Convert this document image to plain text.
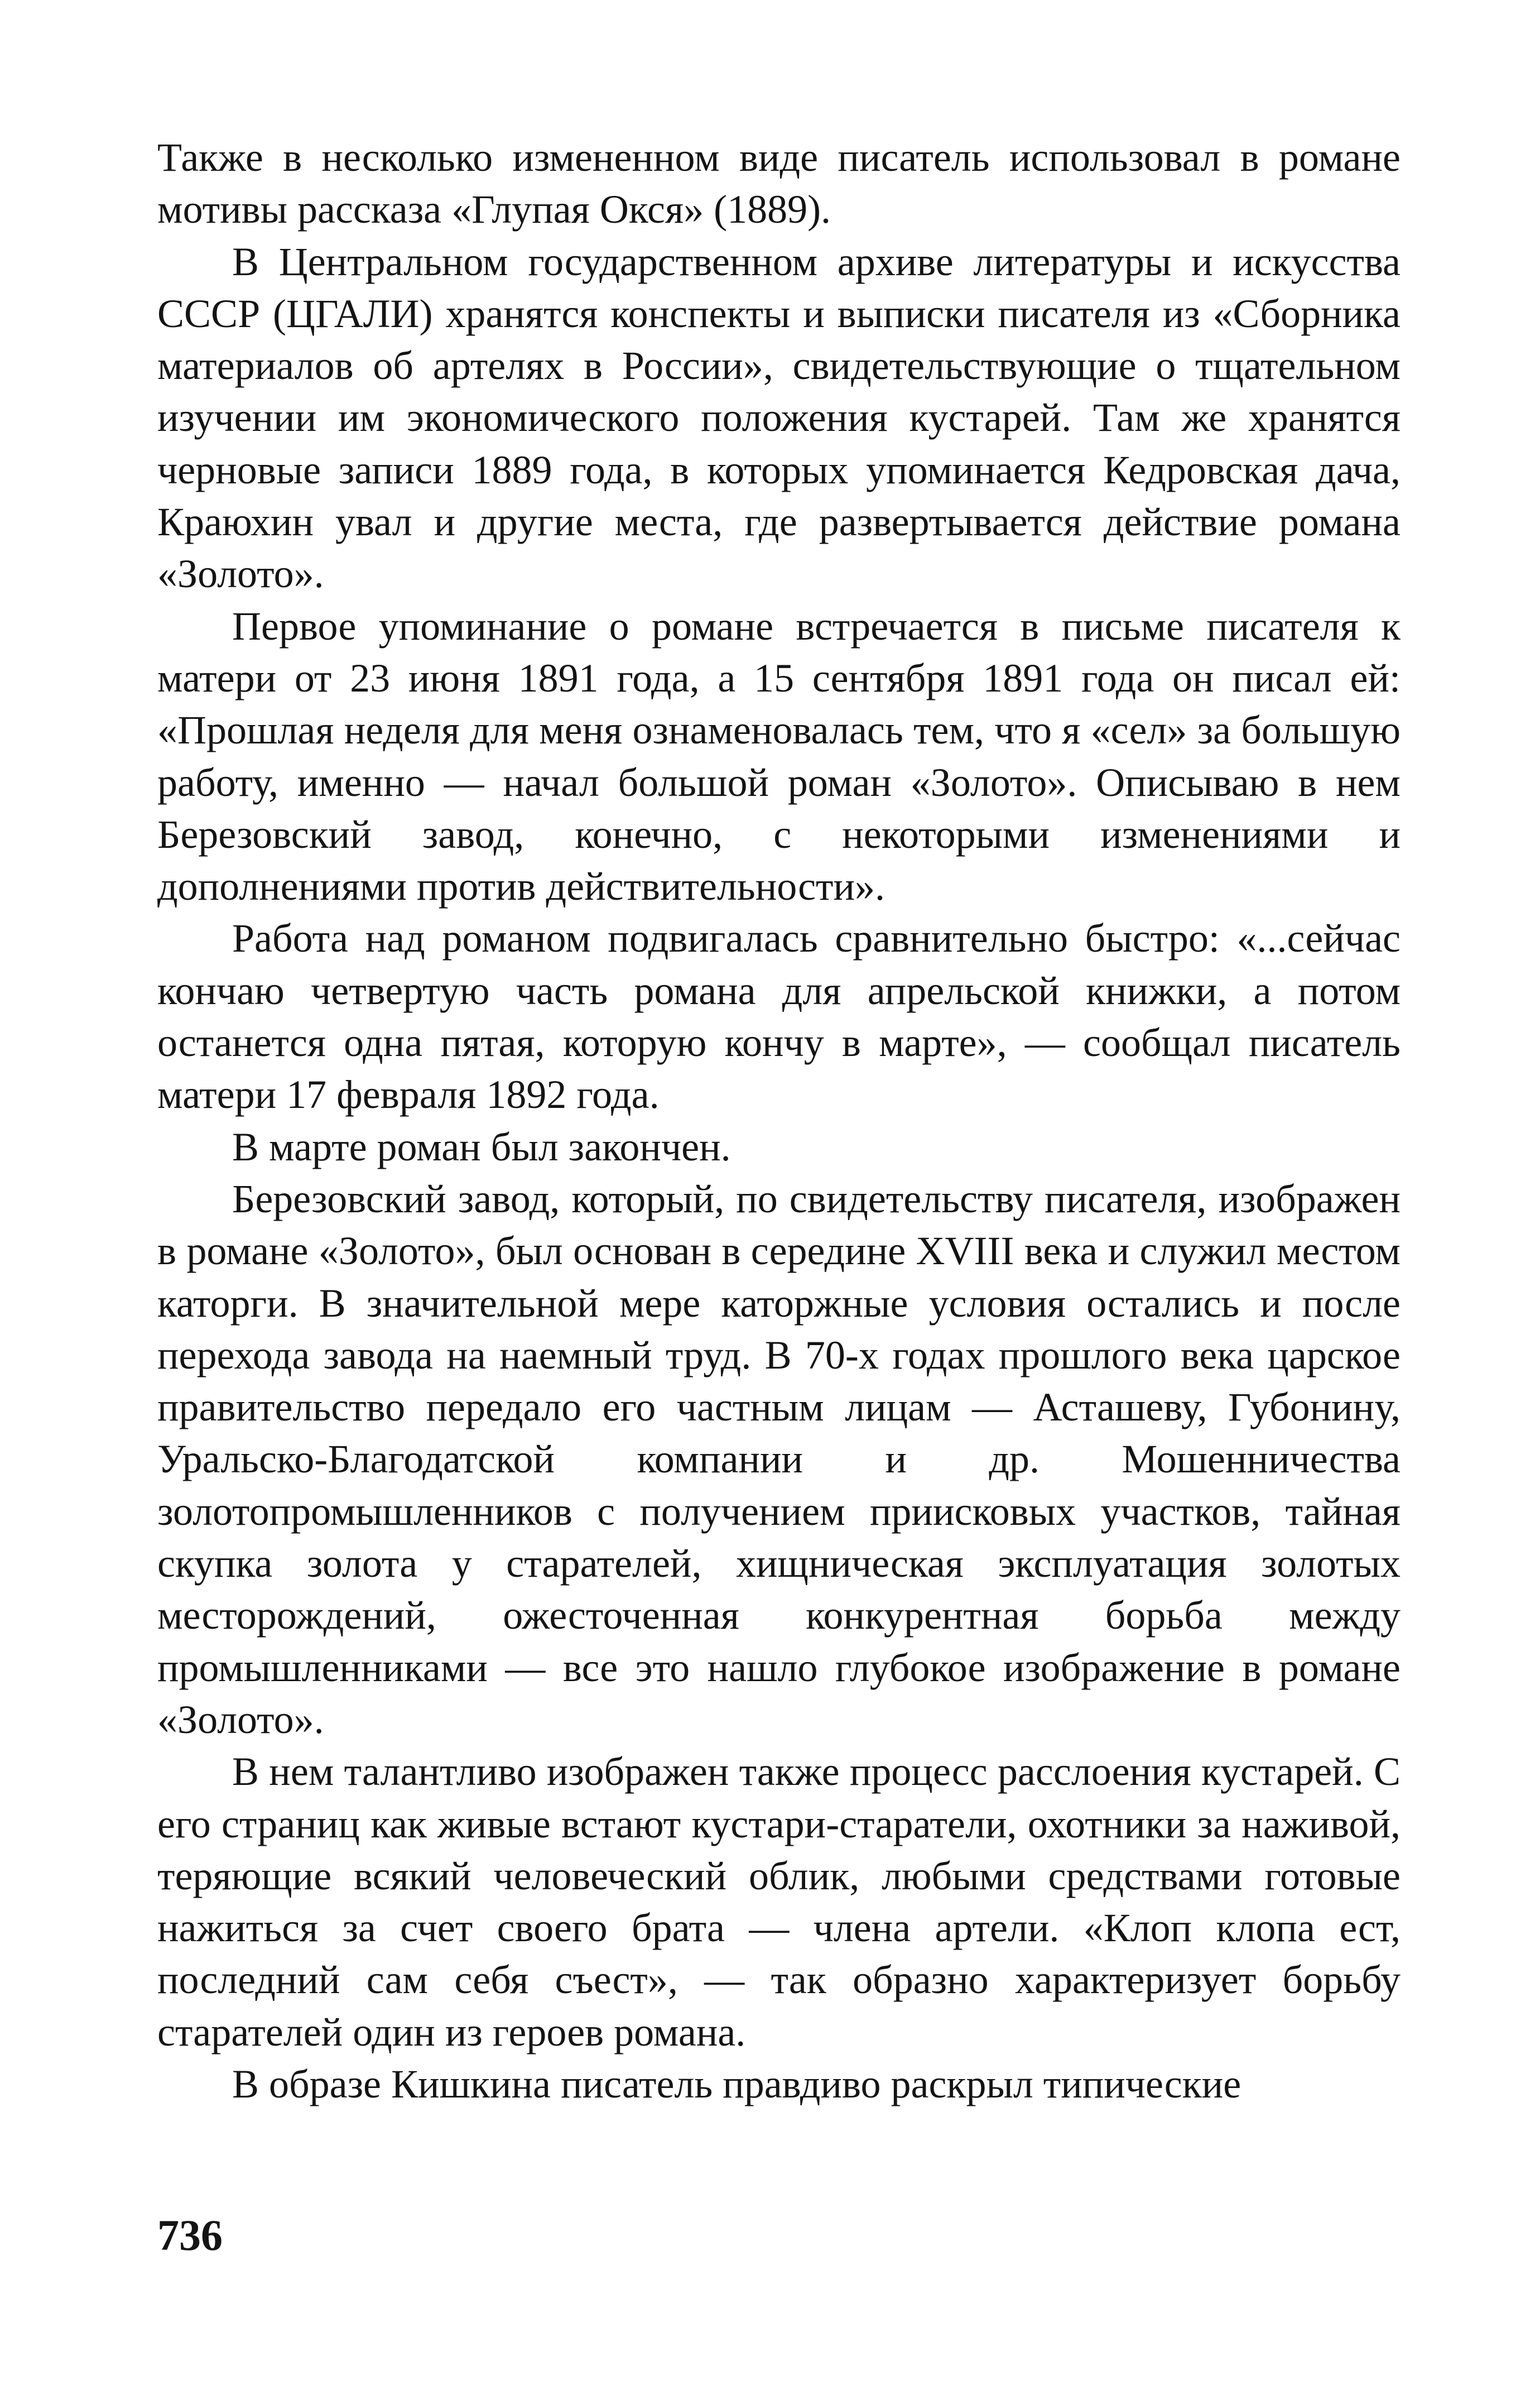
Также в несколько измененном виде писатель использовал в романе мотивы рассказа «Глупая Окся» (1889).

В Центральном государственном архиве литературы и искусства СССР (ЦГАЛИ) хранятся конспекты и выписки писателя из «Сборника материалов об артелях в России», свидетельствующие о тщательном изучении им экономического положения кустарей. Там же хранятся черновые записи 1889 года, в которых упоминается Кедровская дача, Краюхин увал и другие места, где развертывается действие романа «Золото».

Первое упоминание о романе встречается в письме писателя к матери от 23 июня 1891 года, а 15 сентября 1891 года он писал ей: «Прошлая неделя для меня ознаменовалась тем, что я «сел» за большую работу, именно — начал большой роман «Золото». Описываю в нем Березовский завод, конечно, с некоторыми изменениями и дополнениями против действительности».

Работа над романом подвигалась сравнительно быстро: «...сейчас кончаю четвертую часть романа для апрельской книжки, а потом останется одна пятая, которую кончу в марте», — сообщал писатель матери 17 февраля 1892 года.

В марте роман был закончен.

Березовский завод, который, по свидетельству писателя, изображен в романе «Золото», был основан в середине XVIII века и служил местом каторги. В значительной мере каторжные условия остались и после перехода завода на наемный труд. В 70-х годах прошлого века царское правительство передало его частным лицам — Асташеву, Губонину, Уральско-Благодатской компании и др. Мошенничества золотопромышленников с получением приисковых участков, тайная скупка золота у старателей, хищническая эксплуатация золотых месторождений, ожесточенная конкурентная борьба между промышленниками — все это нашло глубокое изображение в романе «Золото».

В нем талантливо изображен также процесс расслоения кустарей. С его страниц как живые встают кустари-старатели, охотники за наживой, теряющие всякий человеческий облик, любыми средствами готовые нажиться за счет своего брата — члена артели. «Клоп клопа ест, последний сам себя съест», — так образно характеризует борьбу старателей один из героев романа.

В образе Кишкина писатель правдиво раскрыл типические

736
